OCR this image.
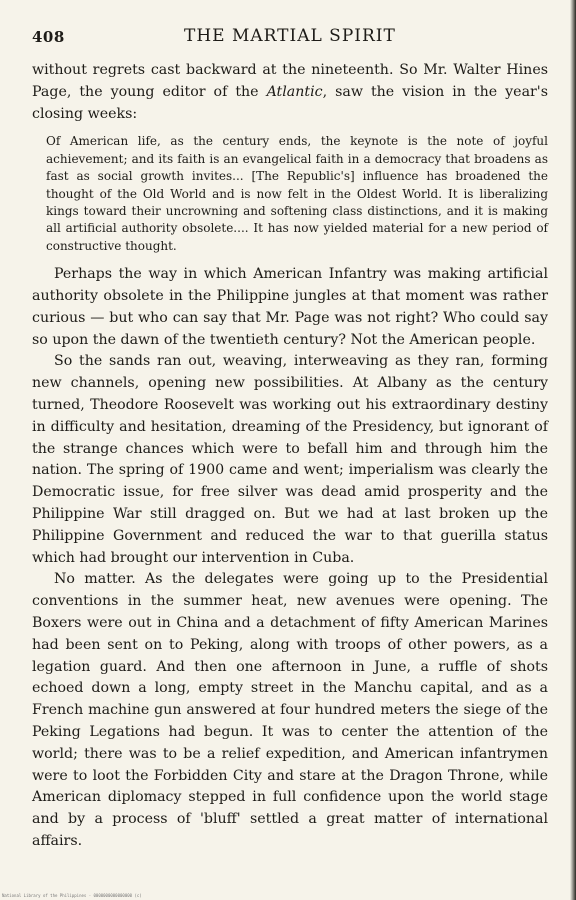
408	THE MARTIAL SPIRIT

without regrets cast backward at the nineteenth. So Mr. Walter Hines Page, the young editor of the Atlantic, saw the vision in the year's closing weeks:

Of American life, as the century ends, the keynote is the note of joyful achievement; and its faith is an evangelical faith in a democracy that broadens as fast as social growth invites... [The Republic's] influence has broadened the thought of the Old World and is now felt in the Oldest World. It is liberalizing kings toward their uncrowning and softening class distinctions, and it is making all artificial authority obsolete.... It has now yielded material for a new period of constructive thought.

Perhaps the way in which American Infantry was making artificial authority obsolete in the Philippine jungles at that moment was rather curious — but who can say that Mr. Page was not right? Who could say so upon the dawn of the twentieth century? Not the American people.

So the sands ran out, weaving, interweaving as they ran, forming new channels, opening new possibilities. At Albany as the century turned, Theodore Roosevelt was working out his extraordinary destiny in difficulty and hesitation, dreaming of the Presidency, but ignorant of the strange chances which were to befall him and through him the nation. The spring of 1900 came and went; imperialism was clearly the Democratic issue, for free silver was dead amid prosperity and the Philippine War still dragged on. But we had at last broken up the Philippine Government and reduced the war to that guerilla status which had brought our intervention in Cuba.

No matter. As the delegates were going up to the Presidential conventions in the summer heat, new avenues were opening. The Boxers were out in China and a detachment of fifty American Marines had been sent on to Peking, along with troops of other powers, as a legation guard. And then one afternoon in June, a ruffle of shots echoed down a long, empty street in the Manchu capital, and as a French machine gun answered at four hundred meters the siege of the Peking Legations had begun. It was to center the attention of the world; there was to be a relief expedition, and American infantrymen were to loot the Forbidden City and stare at the Dragon Throne, while American diplomacy stepped in full confidence upon the world stage and by a process of 'bluff' settled a great matter of international affairs.

National Library of the Philippines · 0000000000000000 (c)
